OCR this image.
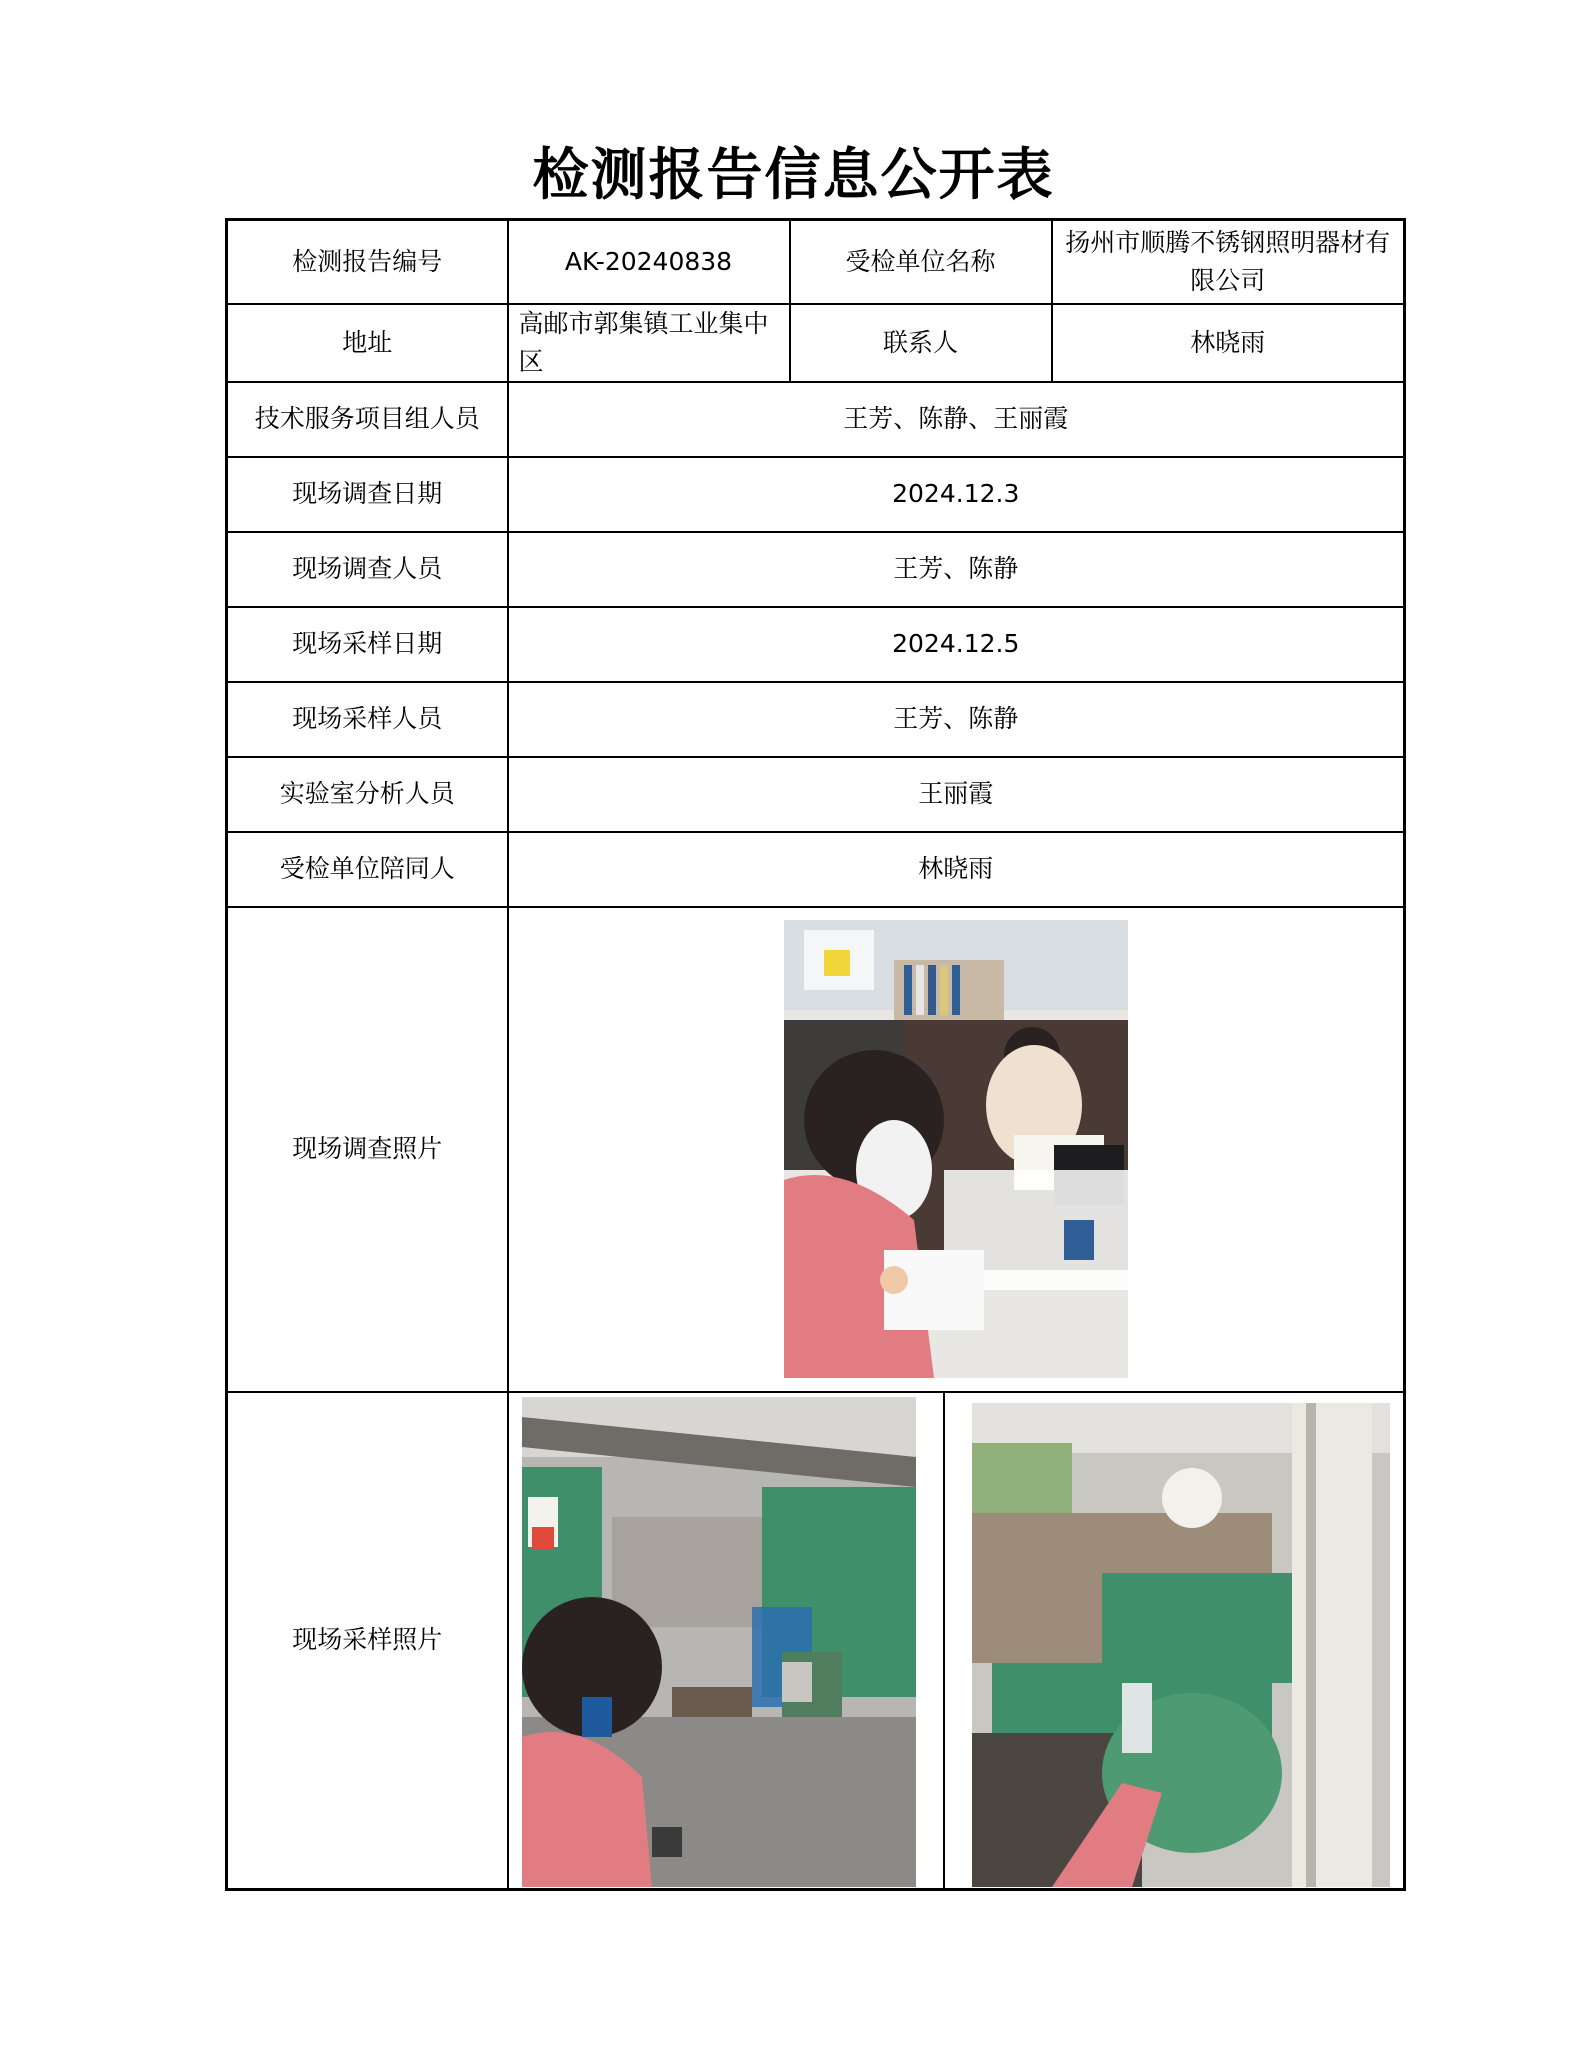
检测报告信息公开表
检测报告编号	AK-20240838	受检单位名称	扬州市顺腾不锈钢照明器材有限公司
地址	高邮市郭集镇工业集中区	联系人	林晓雨
技术服务项目组人员	王芳、陈静、王丽霞		
现场调查日期	2024.12.3		
现场调查人员	王芳、陈静		
现场采样日期	2024.12.5		
现场采样人员	王芳、陈静		
实验室分析人员	王丽霞		
受检单位陪同人	林晓雨		
现场调查照片	

现场采样照片	
